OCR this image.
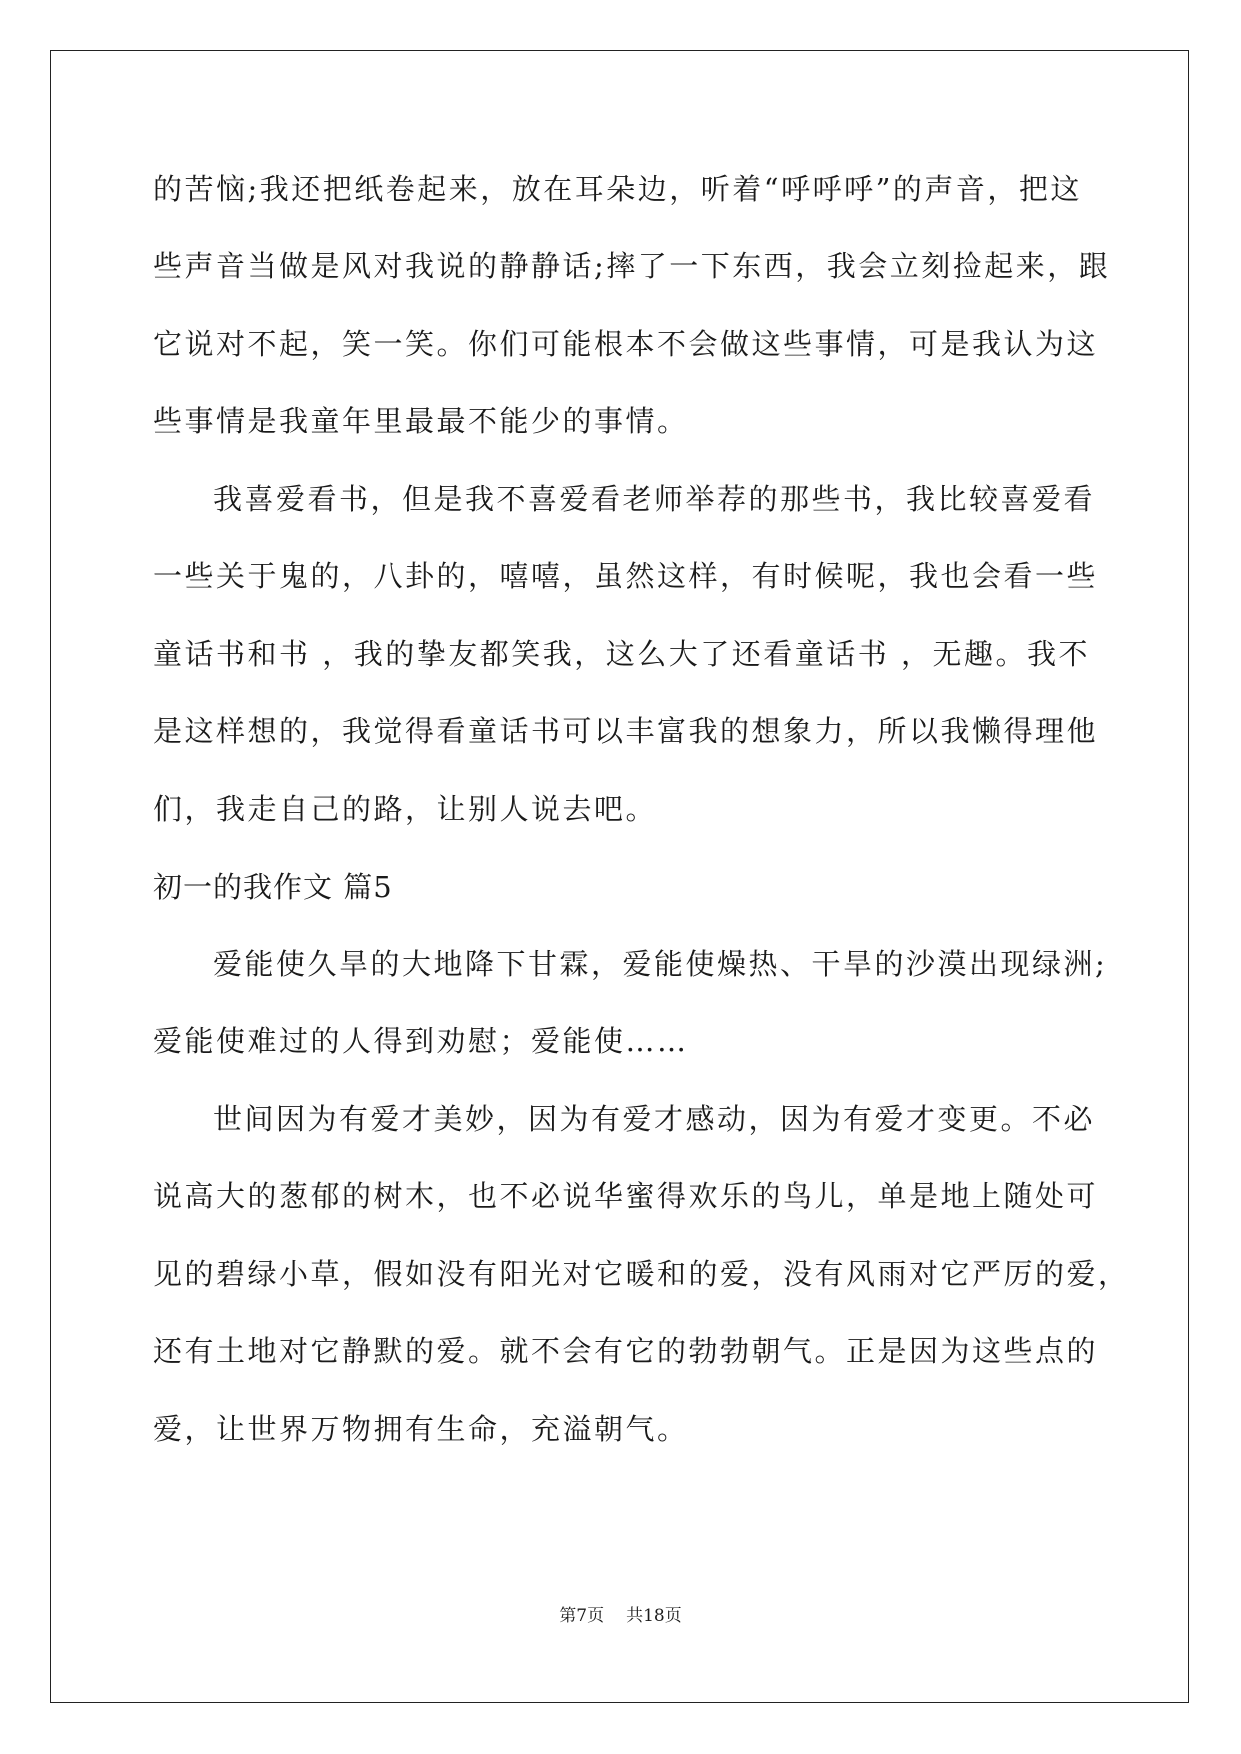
的苦恼;我还把纸卷起来，放在耳朵边，听着“呼呼呼”的声音，把这
些声音当做是风对我说的静静话;摔了一下东西，我会立刻捡起来，跟
它说对不起，笑一笑。你们可能根本不会做这些事情，可是我认为这
些事情是我童年里最最不能少的事情。
我喜爱看书，但是我不喜爱看老师举荐的那些书，我比较喜爱看
一些关于鬼的，八卦的，嘻嘻，虽然这样，有时候呢，我也会看一些
童话书和书 ，我的挚友都笑我，这么大了还看童话书 ，无趣。我不
是这样想的，我觉得看童话书可以丰富我的想象力，所以我懒得理他
们，我走自己的路，让别人说去吧。
初一的我作文 篇5
爱能使久旱的大地降下甘霖，爱能使燥热、干旱的沙漠出现绿洲;
爱能使难过的人得到劝慰；爱能使……
世间因为有爱才美妙，因为有爱才感动，因为有爱才变更。不必
说高大的葱郁的树木，也不必说华蜜得欢乐的鸟儿，单是地上随处可
见的碧绿小草，假如没有阳光对它暖和的爱，没有风雨对它严厉的爱，
还有土地对它静默的爱。就不会有它的勃勃朝气。正是因为这些点的
爱，让世界万物拥有生命，充溢朝气。
第7页 共18页
